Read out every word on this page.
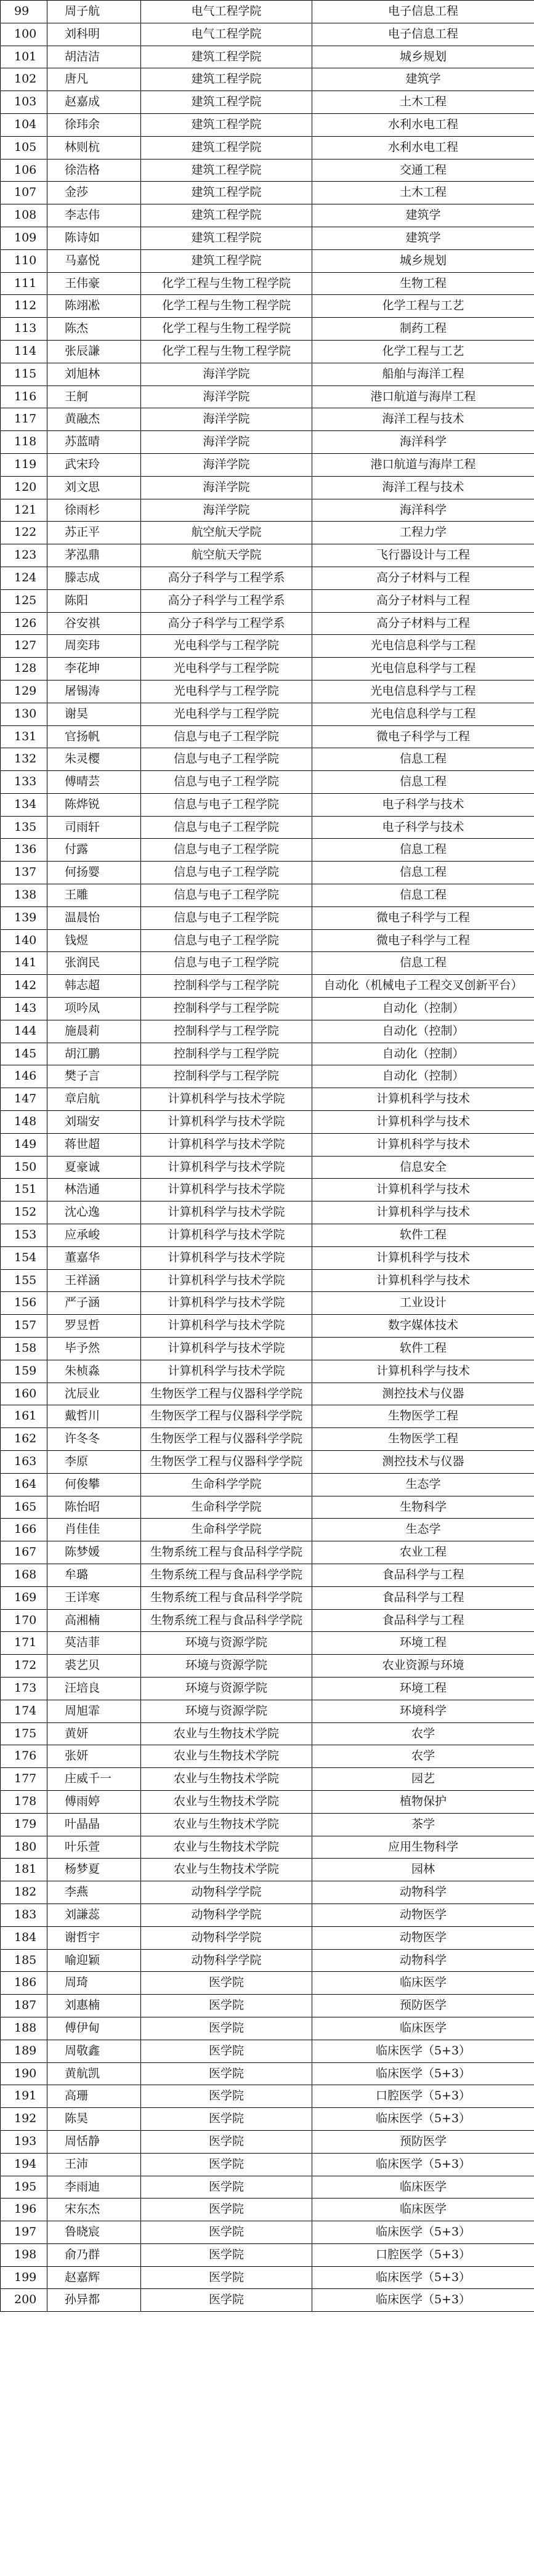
99	周子航	电气工程学院	电子信息工程
100	刘科明	电气工程学院	电子信息工程
101	胡洁洁	建筑工程学院	城乡规划
102	唐凡	建筑工程学院	建筑学
103	赵嘉成	建筑工程学院	土木工程
104	徐玮余	建筑工程学院	水利水电工程
105	林则杭	建筑工程学院	水利水电工程
106	徐浩格	建筑工程学院	交通工程
107	金莎	建筑工程学院	土木工程
108	李志伟	建筑工程学院	建筑学
109	陈诗如	建筑工程学院	建筑学
110	马嘉悦	建筑工程学院	城乡规划
111	王伟豪	化学工程与生物工程学院	生物工程
112	陈翊凇	化学工程与生物工程学院	化学工程与工艺
113	陈杰	化学工程与生物工程学院	制药工程
114	张辰謙	化学工程与生物工程学院	化学工程与工艺
115	刘旭林	海洋学院	船舶与海洋工程
116	王舸	海洋学院	港口航道与海岸工程
117	黄融杰	海洋学院	海洋工程与技术
118	苏蓝晴	海洋学院	海洋科学
119	武宋玲	海洋学院	港口航道与海岸工程
120	刘文思	海洋学院	海洋工程与技术
121	徐雨杉	海洋学院	海洋科学
122	苏正平	航空航天学院	工程力学
123	茅泓鼎	航空航天学院	飞行器设计与工程
124	滕志成	高分子科学与工程学系	高分子材料与工程
125	陈阳	高分子科学与工程学系	高分子材料与工程
126	谷安祺	高分子科学与工程学系	高分子材料与工程
127	周奕玮	光电科学与工程学院	光电信息科学与工程
128	李花坤	光电科学与工程学院	光电信息科学与工程
129	屠锡涛	光电科学与工程学院	光电信息科学与工程
130	谢昊	光电科学与工程学院	光电信息科学与工程
131	官扬帆	信息与电子工程学院	微电子科学与工程
132	朱灵樱	信息与电子工程学院	信息工程
133	傅晴芸	信息与电子工程学院	信息工程
134	陈烨锐	信息与电子工程学院	电子科学与技术
135	司雨轩	信息与电子工程学院	电子科学与技术
136	付露	信息与电子工程学院	信息工程
137	何扬婴	信息与电子工程学院	信息工程
138	王雕	信息与电子工程学院	信息工程
139	温晨怡	信息与电子工程学院	微电子科学与工程
140	钱煜	信息与电子工程学院	微电子科学与工程
141	张润民	信息与电子工程学院	信息工程
142	韩志超	控制科学与工程学院	自动化（机械电子工程交叉创新平台）
143	项吟凤	控制科学与工程学院	自动化（控制）
144	施晨莉	控制科学与工程学院	自动化（控制）
145	胡江鹏	控制科学与工程学院	自动化（控制）
146	樊子言	控制科学与工程学院	自动化（控制）
147	章启航	计算机科学与技术学院	计算机科学与技术
148	刘瑞安	计算机科学与技术学院	计算机科学与技术
149	蒋世超	计算机科学与技术学院	计算机科学与技术
150	夏豪诚	计算机科学与技术学院	信息安全
151	林浩通	计算机科学与技术学院	计算机科学与技术
152	沈心逸	计算机科学与技术学院	计算机科学与技术
153	应承峻	计算机科学与技术学院	软件工程
154	董嘉华	计算机科学与技术学院	计算机科学与技术
155	王祥涵	计算机科学与技术学院	计算机科学与技术
156	严子涵	计算机科学与技术学院	工业设计
157	罗昱哲	计算机科学与技术学院	数字媒体技术
158	毕予然	计算机科学与技术学院	软件工程
159	朱桢淼	计算机科学与技术学院	计算机科学与技术
160	沈辰业	生物医学工程与仪器科学学院	测控技术与仪器
161	戴哲川	生物医学工程与仪器科学学院	生物医学工程
162	许冬冬	生物医学工程与仪器科学学院	生物医学工程
163	李原	生物医学工程与仪器科学学院	测控技术与仪器
164	何俊攀	生命科学学院	生态学
165	陈怡昭	生命科学学院	生物科学
166	肖佳佳	生命科学学院	生态学
167	陈梦媛	生物系统工程与食品科学学院	农业工程
168	牟璐	生物系统工程与食品科学学院	食品科学与工程
169	王详寒	生物系统工程与食品科学学院	食品科学与工程
170	高湘楠	生物系统工程与食品科学学院	食品科学与工程
171	莫洁菲	环境与资源学院	环境工程
172	裘艺贝	环境与资源学院	农业资源与环境
173	汪培良	环境与资源学院	环境工程
174	周旭霏	环境与资源学院	环境科学
175	黄妍	农业与生物技术学院	农学
176	张妍	农业与生物技术学院	农学
177	庄威千一	农业与生物技术学院	园艺
178	傅雨婷	农业与生物技术学院	植物保护
179	叶晶晶	农业与生物技术学院	茶学
180	叶乐萱	农业与生物技术学院	应用生物科学
181	杨梦夏	农业与生物技术学院	园林
182	李燕	动物科学学院	动物科学
183	刘謙蕊	动物科学学院	动物医学
184	谢哲宇	动物科学学院	动物医学
185	喻迎颖	动物科学学院	动物科学
186	周琦	医学院	临床医学
187	刘惠楠	医学院	预防医学
188	傅伊甸	医学院	临床医学
189	周敬鑫	医学院	临床医学（5+3）
190	黄航凯	医学院	临床医学（5+3）
191	高珊	医学院	口腔医学（5+3）
192	陈昊	医学院	临床医学（5+3）
193	周恬静	医学院	预防医学
194	王沛	医学院	临床医学（5+3）
195	李雨迪	医学院	临床医学
196	宋东杰	医学院	临床医学
197	鲁晓宸	医学院	临床医学（5+3）
198	俞乃群	医学院	口腔医学（5+3）
199	赵嘉辉	医学院	临床医学（5+3）
200	孙异都	医学院	临床医学（5+3）
